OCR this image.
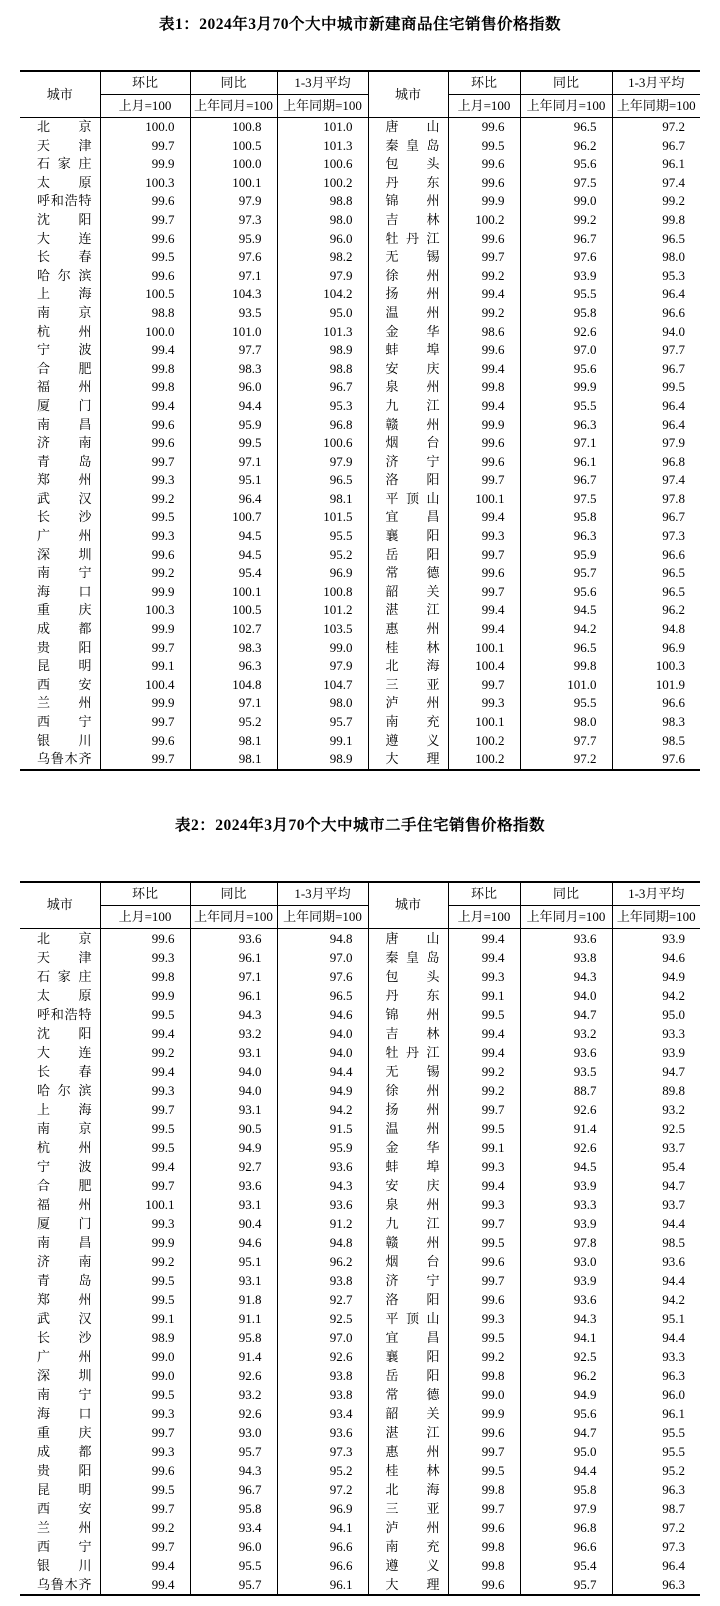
表1：2024年3月70个大中城市新建商品住宅销售价格指数
城市	环比	同比	1-3月平均	城市	环比	同比	1-3月平均
	上月=100	上年同月=100	上年同期=100		上月=100	上年同月=100	上年同期=100

北 京	100.0	100.8	101.0	唐 山	99.6	96.5	97.2

天 津	99.7	100.5	101.3	秦 皇 岛	99.5	96.2	96.7

石 家 庄	99.9	100.0	100.6	包 头	99.6	95.6	96.1

太 原	100.3	100.1	100.2	丹 东	99.6	97.5	97.4

呼 和 浩 特	99.6	97.9	98.8	锦 州	99.9	99.0	99.2

沈 阳	99.7	97.3	98.0	吉 林	100.2	99.2	99.8

大 连	99.6	95.9	96.0	牡 丹 江	99.6	96.7	96.5

长 春	99.5	97.6	98.2	无 锡	99.7	97.6	98.0

哈 尔 滨	99.6	97.1	97.9	徐 州	99.2	93.9	95.3

上 海	100.5	104.3	104.2	扬 州	99.4	95.5	96.4

南 京	98.8	93.5	95.0	温 州	99.2	95.8	96.6

杭 州	100.0	101.0	101.3	金 华	98.6	92.6	94.0

宁 波	99.4	97.7	98.9	蚌 埠	99.6	97.0	97.7

合 肥	99.8	98.3	98.8	安 庆	99.4	95.6	96.7

福 州	99.8	96.0	96.7	泉 州	99.8	99.9	99.5

厦 门	99.4	94.4	95.3	九 江	99.4	95.5	96.4

南 昌	99.6	95.9	96.8	赣 州	99.9	96.3	96.4

济 南	99.6	99.5	100.6	烟 台	99.6	97.1	97.9

青 岛	99.7	97.1	97.9	济 宁	99.6	96.1	96.8

郑 州	99.3	95.1	96.5	洛 阳	99.7	96.7	97.4

武 汉	99.2	96.4	98.1	平 顶 山	100.1	97.5	97.8

长 沙	99.5	100.7	101.5	宜 昌	99.4	95.8	96.7

广 州	99.3	94.5	95.5	襄 阳	99.3	96.3	97.3

深 圳	99.6	94.5	95.2	岳 阳	99.7	95.9	96.6

南 宁	99.2	95.4	96.9	常 德	99.6	95.7	96.5

海 口	99.9	100.1	100.8	韶 关	99.7	95.6	96.5

重 庆	100.3	100.5	101.2	湛 江	99.4	94.5	96.2

成 都	99.9	102.7	103.5	惠 州	99.4	94.2	94.8

贵 阳	99.7	98.3	99.0	桂 林	100.1	96.5	96.9

昆 明	99.1	96.3	97.9	北 海	100.4	99.8	100.3

西 安	100.4	104.8	104.7	三 亚	99.7	101.0	101.9

兰 州	99.9	97.1	98.0	泸 州	99.3	95.5	96.6

西 宁	99.7	95.2	95.7	南 充	100.1	98.0	98.3

银 川	99.6	98.1	99.1	遵 义	100.2	97.7	98.5

乌 鲁 木 齐	99.7	98.1	98.9	大 理	100.2	97.2	97.6
表2：2024年3月70个大中城市二手住宅销售价格指数
城市	环比	同比	1-3月平均	城市	环比	同比	1-3月平均
	上月=100	上年同月=100	上年同期=100		上月=100	上年同月=100	上年同期=100

北 京	99.6	93.6	94.8	唐 山	99.4	93.6	93.9

天 津	99.3	96.1	97.0	秦 皇 岛	99.4	93.8	94.6

石 家 庄	99.8	97.1	97.6	包 头	99.3	94.3	94.9

太 原	99.9	96.1	96.5	丹 东	99.1	94.0	94.2

呼 和 浩 特	99.5	94.3	94.6	锦 州	99.5	94.7	95.0

沈 阳	99.4	93.2	94.0	吉 林	99.4	93.2	93.3

大 连	99.2	93.1	94.0	牡 丹 江	99.4	93.6	93.9

长 春	99.4	94.0	94.4	无 锡	99.2	93.5	94.7

哈 尔 滨	99.3	94.0	94.9	徐 州	99.2	88.7	89.8

上 海	99.7	93.1	94.2	扬 州	99.7	92.6	93.2

南 京	99.5	90.5	91.5	温 州	99.5	91.4	92.5

杭 州	99.5	94.9	95.9	金 华	99.1	92.6	93.7

宁 波	99.4	92.7	93.6	蚌 埠	99.3	94.5	95.4

合 肥	99.7	93.6	94.3	安 庆	99.4	93.9	94.7

福 州	100.1	93.1	93.6	泉 州	99.3	93.3	93.7

厦 门	99.3	90.4	91.2	九 江	99.7	93.9	94.4

南 昌	99.9	94.6	94.8	赣 州	99.5	97.8	98.5

济 南	99.2	95.1	96.2	烟 台	99.6	93.0	93.6

青 岛	99.5	93.1	93.8	济 宁	99.7	93.9	94.4

郑 州	99.5	91.8	92.7	洛 阳	99.6	93.6	94.2

武 汉	99.1	91.1	92.5	平 顶 山	99.3	94.3	95.1

长 沙	98.9	95.8	97.0	宜 昌	99.5	94.1	94.4

广 州	99.0	91.4	92.6	襄 阳	99.2	92.5	93.3

深 圳	99.0	92.6	93.8	岳 阳	99.8	96.2	96.3

南 宁	99.5	93.2	93.8	常 德	99.0	94.9	96.0

海 口	99.3	92.6	93.4	韶 关	99.9	95.6	96.1

重 庆	99.7	93.0	93.6	湛 江	99.6	94.7	95.5

成 都	99.3	95.7	97.3	惠 州	99.7	95.0	95.5

贵 阳	99.6	94.3	95.2	桂 林	99.5	94.4	95.2

昆 明	99.5	96.7	97.2	北 海	99.8	95.8	96.3

西 安	99.7	95.8	96.9	三 亚	99.7	97.9	98.7

兰 州	99.2	93.4	94.1	泸 州	99.6	96.8	97.2

西 宁	99.7	96.0	96.6	南 充	99.8	96.6	97.3

银 川	99.4	95.5	96.6	遵 义	99.8	95.4	96.4

乌 鲁 木 齐	99.4	95.7	96.1	大 理	99.6	95.7	96.3
